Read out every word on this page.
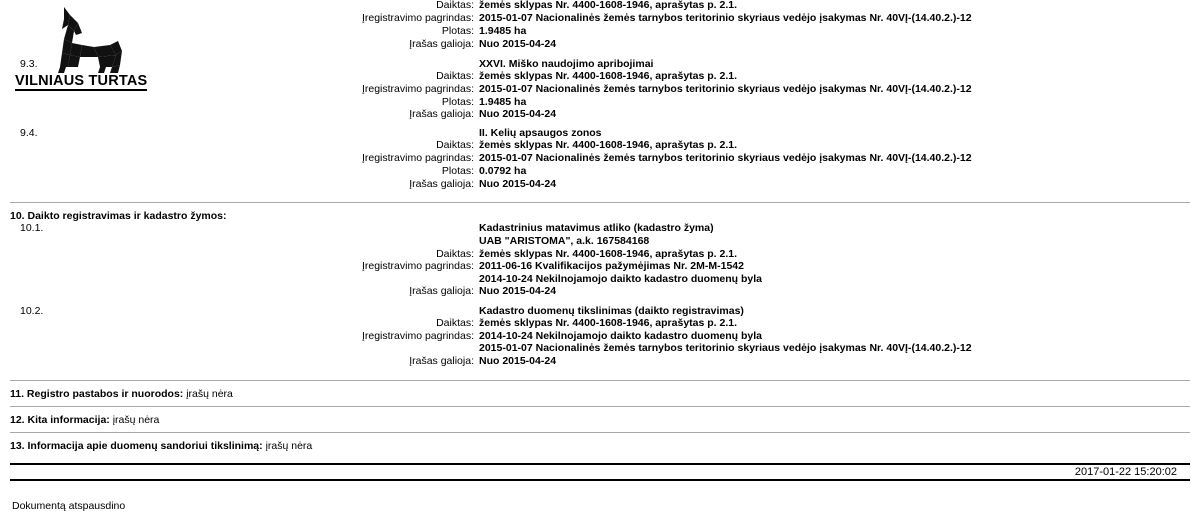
VILNIAUS TURTAS
Daiktas: žemės sklypas Nr. 4400-1608-1946, aprašytas p. 2.1.
Įregistravimo pagrindas: 2015-01-07 Nacionalinės žemės tarnybos teritorinio skyriaus vedėjo įsakymas Nr. 40VĮ-(14.40.2.)-12
Plotas: 1.9485 ha
Įrašas galioja: Nuo 2015-04-24
9.3.	XXVI. Miško naudojimo apribojimai
Daiktas: žemės sklypas Nr. 4400-1608-1946, aprašytas p. 2.1.
Įregistravimo pagrindas: 2015-01-07 Nacionalinės žemės tarnybos teritorinio skyriaus vedėjo įsakymas Nr. 40VĮ-(14.40.2.)-12
Plotas: 1.9485 ha
Įrašas galioja: Nuo 2015-04-24
9.4.	II. Kelių apsaugos zonos
Daiktas: žemės sklypas Nr. 4400-1608-1946, aprašytas p. 2.1.
Įregistravimo pagrindas: 2015-01-07 Nacionalinės žemės tarnybos teritorinio skyriaus vedėjo įsakymas Nr. 40VĮ-(14.40.2.)-12
Plotas: 0.0792 ha
Įrašas galioja: Nuo 2015-04-24
10. Daikto registravimas ir kadastro žymos:
10.1.	Kadastrinius matavimus atliko (kadastro žyma)
UAB "ARISTOMA", a.k. 167584168
Daiktas: žemės sklypas Nr. 4400-1608-1946, aprašytas p. 2.1.
Įregistravimo pagrindas: 2011-06-16 Kvalifikacijos pažymėjimas Nr. 2M-M-1542
2014-10-24 Nekilnojamojo daikto kadastro duomenų byla
Įrašas galioja: Nuo 2015-04-24
10.2.	Kadastro duomenų tikslinimas (daikto registravimas)
Daiktas: žemės sklypas Nr. 4400-1608-1946, aprašytas p. 2.1.
Įregistravimo pagrindas: 2014-10-24 Nekilnojamojo daikto kadastro duomenų byla
2015-01-07 Nacionalinės žemės tarnybos teritorinio skyriaus vedėjo įsakymas Nr. 40VĮ-(14.40.2.)-12
Įrašas galioja: Nuo 2015-04-24
11. Registro pastabos ir nuorodos: įrašų nėra
12. Kita informacija: įrašų nėra
13. Informacija apie duomenų sandoriui tikslinimą: įrašų nėra
2017-01-22 15:20:02
Dokumentą atspausdino
